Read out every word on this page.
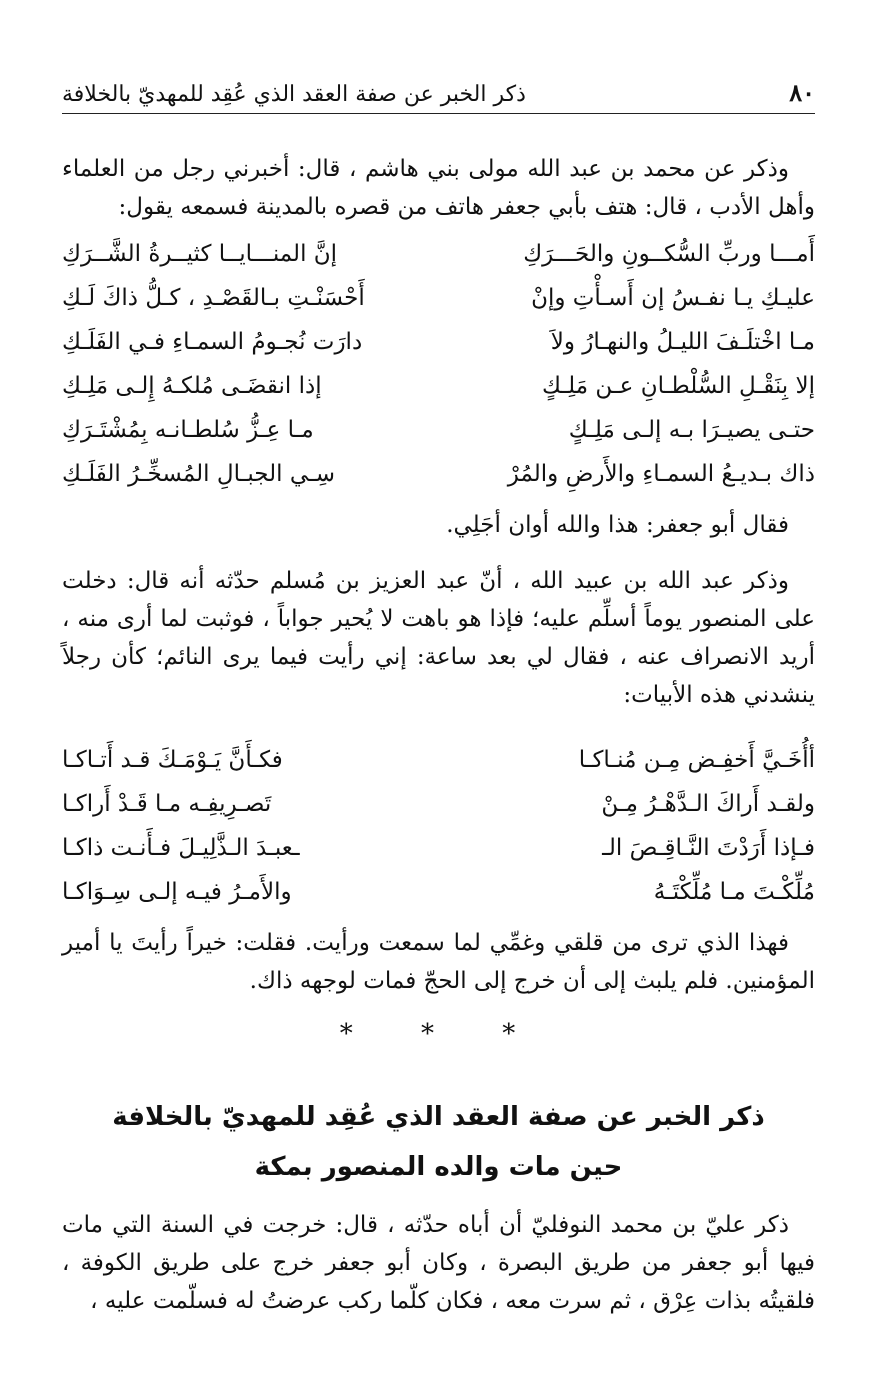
٨٠
ذكر الخبر عن صفة العقد الذي عُقِد للمهديّ بالخلافة

وذكر عن محمد بن عبد الله مولى بني هاشم ، قال: أخبرني رجل من العلماء وأهل الأدب ، قال: هتف بأبي جعفر هاتف من قصره بالمدينة فسمعه يقول:

أَمـــا وربِّ السُّكــونِ والحَـــرَكِ
إنَّ المنـــايــا كثيــرةُ الشَّــرَكِ
عليـكِ يـا نفـسُ إن أَسـأْتِ وإنْ
أَحْسَنْـتِ بـالقَصْـدِ ، كـلُّ ذاكَ لَـكِ
مـا اخْتلَـفَ الليـلُ والنهـارُ ولاَ
دارَت نُجـومُ السمـاءِ فـي الفَلَـكِ
إلا بِنَقْـلِ السُّلْطـانِ عـن مَلِـكٍ
إذا انقضَـى مُلكـهُ إِلـى مَلِـكِ
حتـى يصيـرَا بـه إلـى مَلِـكٍ
مـا عِـزُّ سُلطـانـه بِمُشْتَـرَكِ
ذاك بـديـعُ السمـاءِ والأَرضِ والمُرْ
سِـي الجبـالِ المُسخِّـرُ الفَلَـكِ

فقال أبو جعفر: هذا والله أوان أجَلِي.

وذكر عبد الله بن عبيد الله ، أنّ عبد العزيز بن مُسلم حدّثه أنه قال: دخلت على المنصور يوماً أسلِّم عليه؛ فإذا هو باهت لا يُحير جواباً ، فوثبت لما أرى منه ، أريد الانصراف عنه ، فقال لي بعد ساعة: إني رأيت فيما يرى النائم؛ كأن رجلاً ينشدني هذه الأبيات:

أأُخَـيَّ أَخفِـض مِـن مُنـاكـا
فكـأَنَّ يَـوْمَـكَ قـد أَتـاكـا
ولقـد أَراكَ الـدَّهْـرُ مِـنْ
تَصـرِيفِـه مـا قَـدْ أَراكـا
فـإذا أَرَدْتَ النَّـاقِـصَ الـ
ـعبـدَ الـذَّلِيـلَ فـأَنـت ذاكـا
مُلِّكْـتَ مـا مُلِّكْتَـهُ
والأَمـرُ فيـه إلـى سِـوَاكـا

فهذا الذي ترى من قلقي وغمِّي لما سمعت ورأيت. فقلت: خيراً رأيتَ يا أمير المؤمنين. فلم يلبث إلى أن خرج إلى الحجّ فمات لوجهه ذاك.

* * *
ذكر الخبر عن صفة العقد الذي عُقِد للمهديّ بالخلافة
حين مات والده المنصور بمكة

ذكر عليّ بن محمد النوفليّ أن أباه حدّثه ، قال: خرجت في السنة التي مات فيها أبو جعفر من طريق البصرة ، وكان أبو جعفر خرج على طريق الكوفة ، فلقيتُه بذات عِرْق ، ثم سرت معه ، فكان كلّما ركب عرضتُ له فسلّمت عليه ،
